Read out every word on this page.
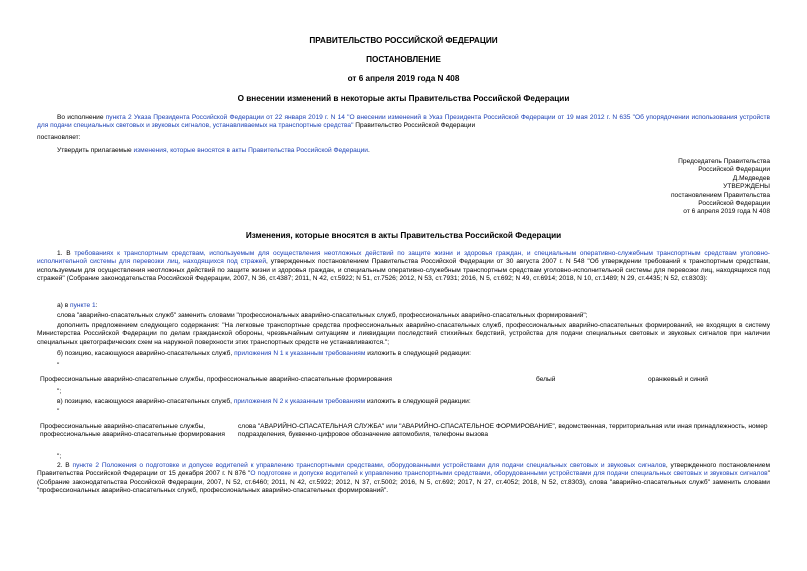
ПРАВИТЕЛЬСТВО РОССИЙСКОЙ ФЕДЕРАЦИИ
ПОСТАНОВЛЕНИЕ
от 6 апреля 2019 года N 408
О внесении изменений в некоторые акты Правительства Российской Федерации
Во исполнение пункта 2 Указа Президента Российской Федерации от 22 января 2019 г. N 14 "О внесении изменений в Указ Президента Российской Федерации от 19 мая 2012 г. N 635 "Об упорядочении использования устройств для подачи специальных световых и звуковых сигналов, устанавливаемых на транспортные средства" Правительство Российской Федерации
постановляет:
Утвердить прилагаемые изменения, которые вносятся в акты Правительства Российской Федерации.
Председатель Правительства
Российской Федерации
Д.Медведев
УТВЕРЖДЕНЫ
постановлением Правительства
Российской Федерации
от 6 апреля 2019 года N 408
Изменения, которые вносятся в акты Правительства Российской Федерации
1. В требованиях к транспортным средствам, используемым для осуществления неотложных действий по защите жизни и здоровья граждан, и специальным оперативно-служебным транспортным средствам уголовно-исполнительной системы для перевозки лиц, находящихся под стражей, утвержденных постановлением Правительства Российской Федерации от 30 августа 2007 г. N 548 "Об утверждении требований к транспортным средствам, используемым для осуществления неотложных действий по защите жизни и здоровья граждан, и специальным оперативно-служебным транспортным средствам уголовно-исполнительной системы для перевозки лиц, находящихся под стражей" (Собрание законодательства Российской Федерации, 2007, N 36, ст.4387; 2011, N 42, ст.5922; N 51, ст.7526; 2012, N 53, ст.7931; 2016, N 5, ст.692; N 49, ст.6914; 2018, N 10, ст.1489; N 29, ст.4435; N 52, ст.8303):
а) в пункте 1:
слова "аварийно-спасательных служб" заменить словами "профессиональных аварийно-спасательных служб, профессиональных аварийно-спасательных формирований";
дополнить предложением следующего содержания: "На легковые транспортные средства профессиональных аварийно-спасательных служб, профессиональных аварийно-спасательных формирований, не входящих в систему Министерства Российской Федерации по делам гражданской обороны, чрезвычайным ситуациям и ликвидации последствий стихийных бедствий, устройства для подачи специальных световых и звуковых сигналов при наличии специальных цветографических схем на наружной поверхности этих транспортных средств не устанавливаются.";
б) позицию, касающуюся аварийно-спасательных служб, приложения N 1 к указанным требованиям изложить в следующей редакции:
"
Профессиональные аварийно-спасательные службы, профессиональные аварийно-спасательные формирования	белый	оранжевый и синий
";
в) позицию, касающуюся аварийно-спасательных служб, приложения N 2 к указанным требованиям изложить в следующей редакции:
"
Профессиональные аварийно-спасательные службы, профессиональные аварийно-спасательные формирования
слова "АВАРИЙНО-СПАСАТЕЛЬНАЯ СЛУЖБА" или "АВАРИЙНО-СПАСАТЕЛЬНОЕ ФОРМИРОВАНИЕ", ведомственная, территориальная или иная принадлежность, номер подразделения, буквенно-цифровое обозначение автомобиля, телефоны вызова
";
2. В пункте 2 Положения о подготовке и допуске водителей к управлению транспортными средствами, оборудованными устройствами для подачи специальных световых и звуковых сигналов, утвержденного постановлением Правительства Российской Федерации от 15 декабря 2007 г. N 876 "О подготовке и допуске водителей к управлению транспортными средствами, оборудованными устройствами для подачи специальных световых и звуковых сигналов" (Собрание законодательства Российской Федерации, 2007, N 52, ст.6460; 2011, N 42, ст.5922; 2012, N 37, ст.5002; 2016, N 5, ст.692; 2017, N 27, ст.4052; 2018, N 52, ст.8303), слова "аварийно-спасательных служб" заменить словами "профессиональных аварийно-спасательных служб, профессиональных аварийно-спасательных формирований".
